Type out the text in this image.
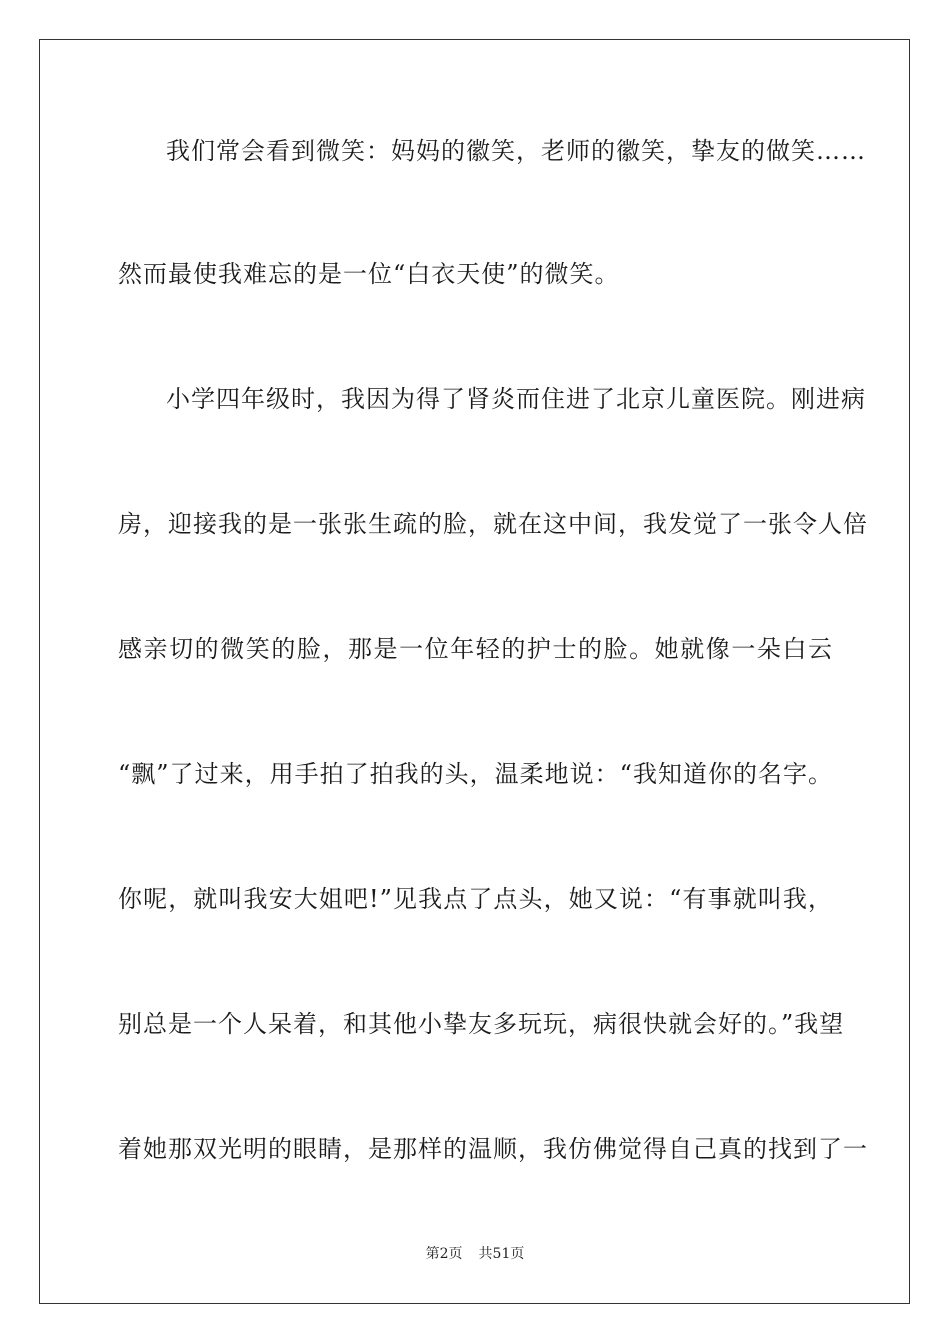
我们常会看到微笑：妈妈的徽笑，老师的徽笑，挚友的做笑……
然而最使我难忘的是一位“白衣天使”的微笑。
小学四年级时，我因为得了肾炎而住进了北京儿童医院。刚进病
房，迎接我的是一张张生疏的脸，就在这中间，我发觉了一张令人倍
感亲切的微笑的脸，那是一位年轻的护士的脸。她就像一朵白云
“飘”了过来，用手拍了拍我的头，温柔地说：“我知道你的名字。
你呢，就叫我安大姐吧!”见我点了点头，她又说：“有事就叫我，
别总是一个人呆着，和其他小挚友多玩玩，病很快就会好的。”我望
着她那双光明的眼睛，是那样的温顺，我仿佛觉得自己真的找到了一
第2页 共51页
